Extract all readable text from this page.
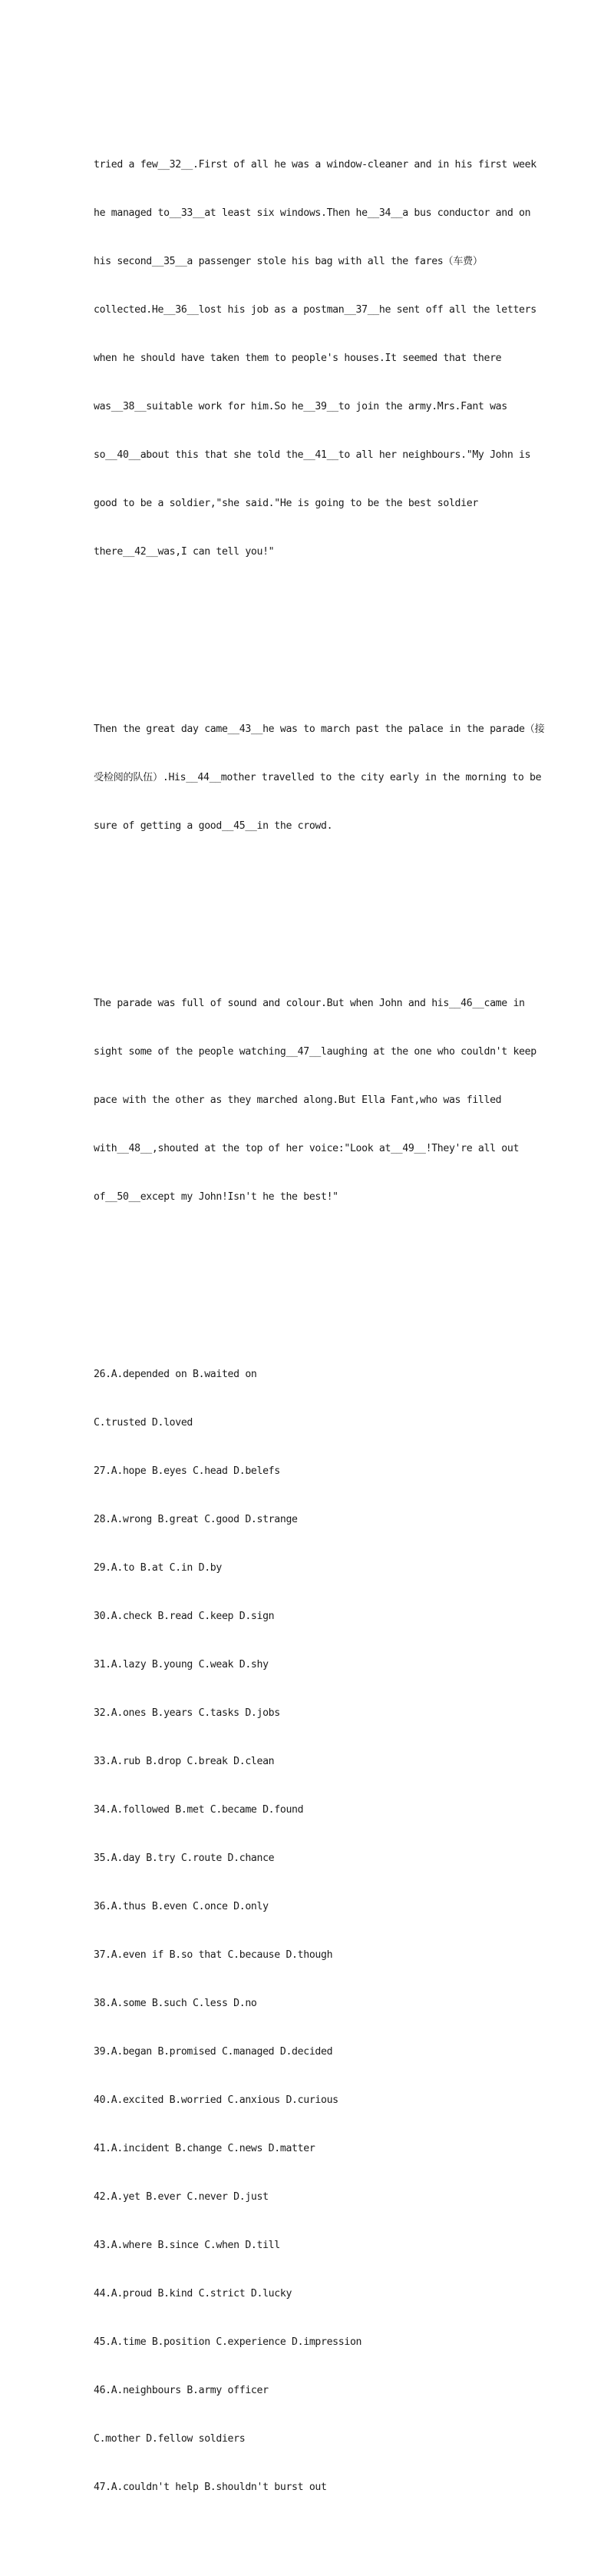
tried a few__32__.First of all he was a window-cleaner and in his first week

he managed to__33__at least six windows.Then he__34__a bus conductor and on

his second__35__a passenger stole his bag with all the fares（车费）

collected.He__36__lost his job as a postman__37__he sent off all the letters

when he should have taken them to people's houses.It seemed that there

was__38__suitable work for him.So he__39__to join the army.Mrs.Fant was

so__40__about this that she told the__41__to all her neighbours."My John is

good to be a soldier,"she said."He is going to be the best soldier

there__42__was,I can tell you!"

Then the great day came__43__he was to march past the palace in the parade（接

受检阅的队伍）.His__44__mother travelled to the city early in the morning to be

sure of getting a good__45__in the crowd.

The parade was full of sound and colour.But when John and his__46__came in

sight some of the people watching__47__laughing at the one who couldn't keep

pace with the other as they marched along.But Ella Fant,who was filled

with__48__,shouted at the top of her voice:"Look at__49__!They're all out

of__50__except my John!Isn't he the best!"

26.A.depended on B.waited on

C.trusted D.loved

27.A.hope B.eyes C.head D.belefs

28.A.wrong B.great C.good D.strange

29.A.to B.at C.in D.by

30.A.check B.read C.keep D.sign

31.A.lazy B.young C.weak D.shy

32.A.ones B.years C.tasks D.jobs

33.A.rub B.drop C.break D.clean

34.A.followed B.met C.became D.found

35.A.day B.try C.route D.chance

36.A.thus B.even C.once D.only

37.A.even if B.so that C.because D.though

38.A.some B.such C.less D.no

39.A.began B.promised C.managed D.decided

40.A.excited B.worried C.anxious D.curious

41.A.incident B.change C.news D.matter

42.A.yet B.ever C.never D.just

43.A.where B.since C.when D.till

44.A.proud B.kind C.strict D.lucky

45.A.time B.position C.experience D.impression

46.A.neighbours B.army officer

C.mother D.fellow soldiers

47.A.couldn't help B.shouldn't burst out
